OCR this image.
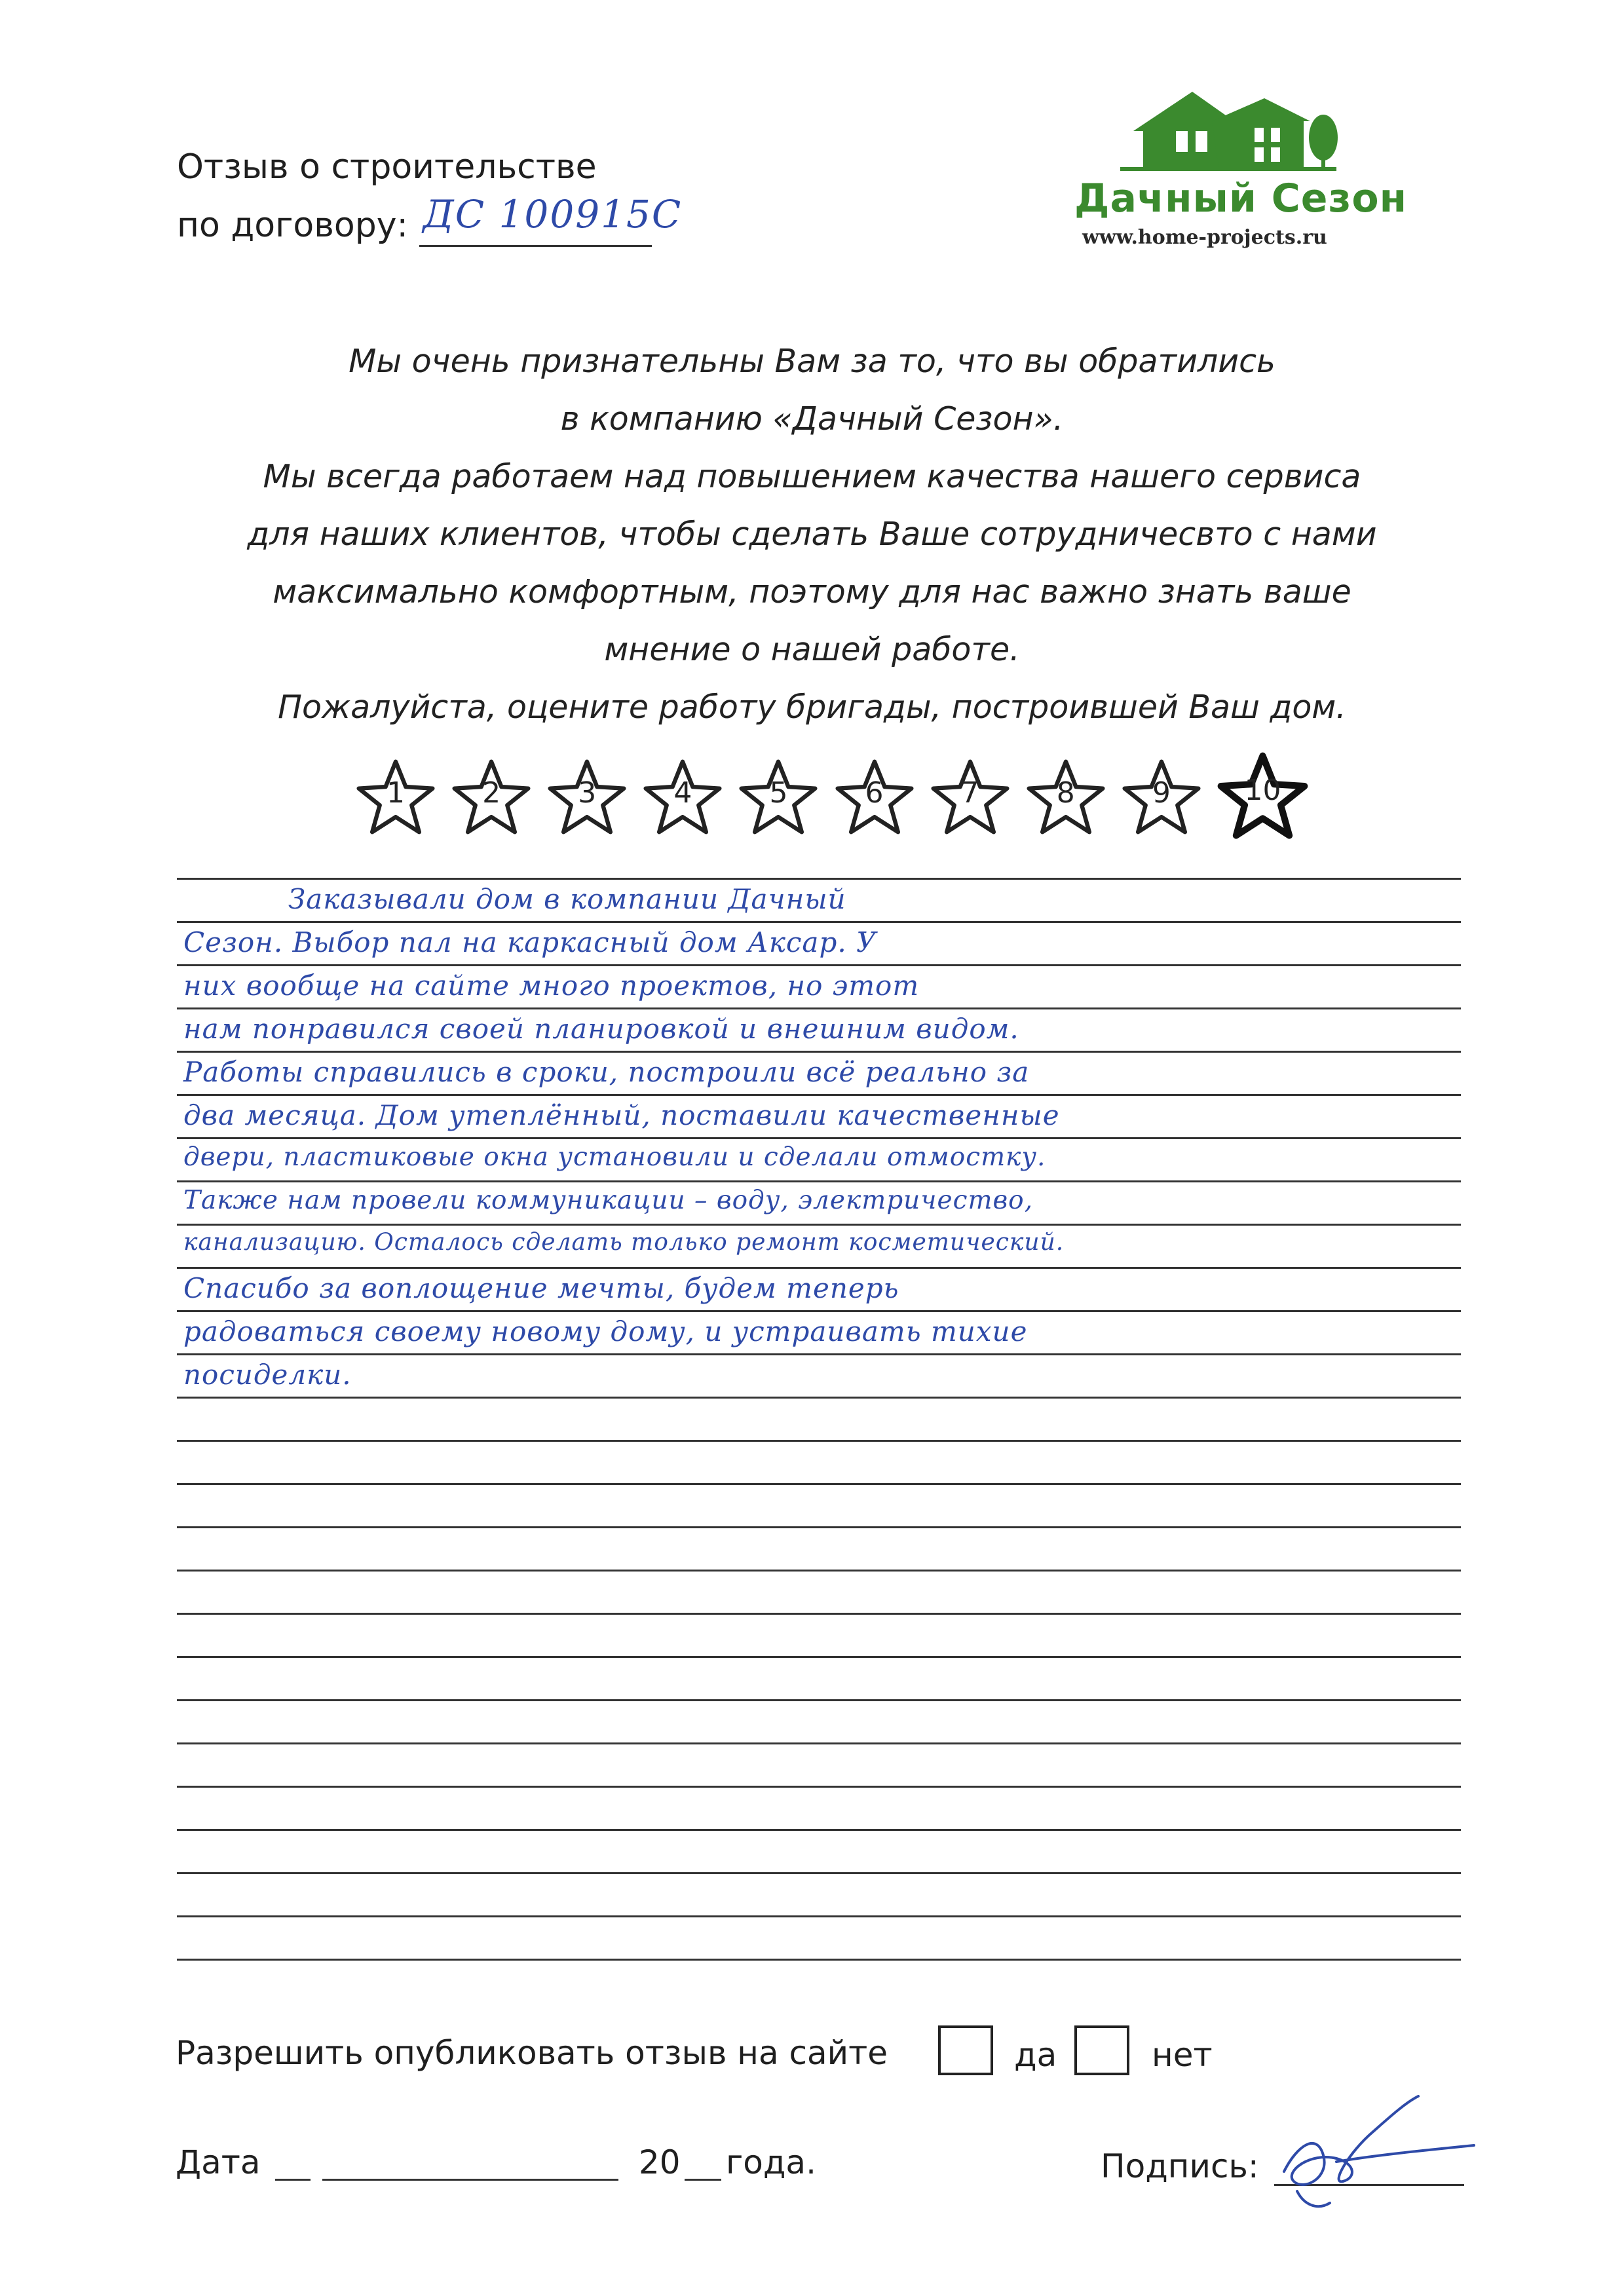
Отзыв о строительстве
по договору: ДС 100915С	Дачный Сезон
www.home-projects.ru

Мы очень признательны Вам за то, что вы обратились

в компанию «Дачный Сезон».

Мы всегда работаем над повышением качества нашего сервиса

для наших клиентов, чтобы сделать Ваше сотрудничесвто с нами

максимально комфортным, поэтому для нас важно знать ваше

мнение о нашей работе.

Пожалуйста, оцените работу бригады, построившей Ваш дом.

1	2	3	4	5	6	7	8	9	10
Заказывали дом в компании Дачный
Сезон. Выбор пал на каркасный дом Аксар. У
них вообще на сайте много проектов, но этот
нам понравился своей планировкой и внешним видом.
Работы справились в сроки, построили всё реально за
два месяца. Дом утеплённый, поставили качественные
двери, пластиковые окна установили и сделали отмостку.
Также нам провели коммуникации – воду, электричество,
канализацию. Осталось сделать только ремонт косметический.
Спасибо за воплощение мечты, будем теперь
радоваться своему новому дому, и устраивать тихие
посиделки.
Разрешить опубликовать отзыв на сайте	да	нет
Дата	20 года.	Подпись:
